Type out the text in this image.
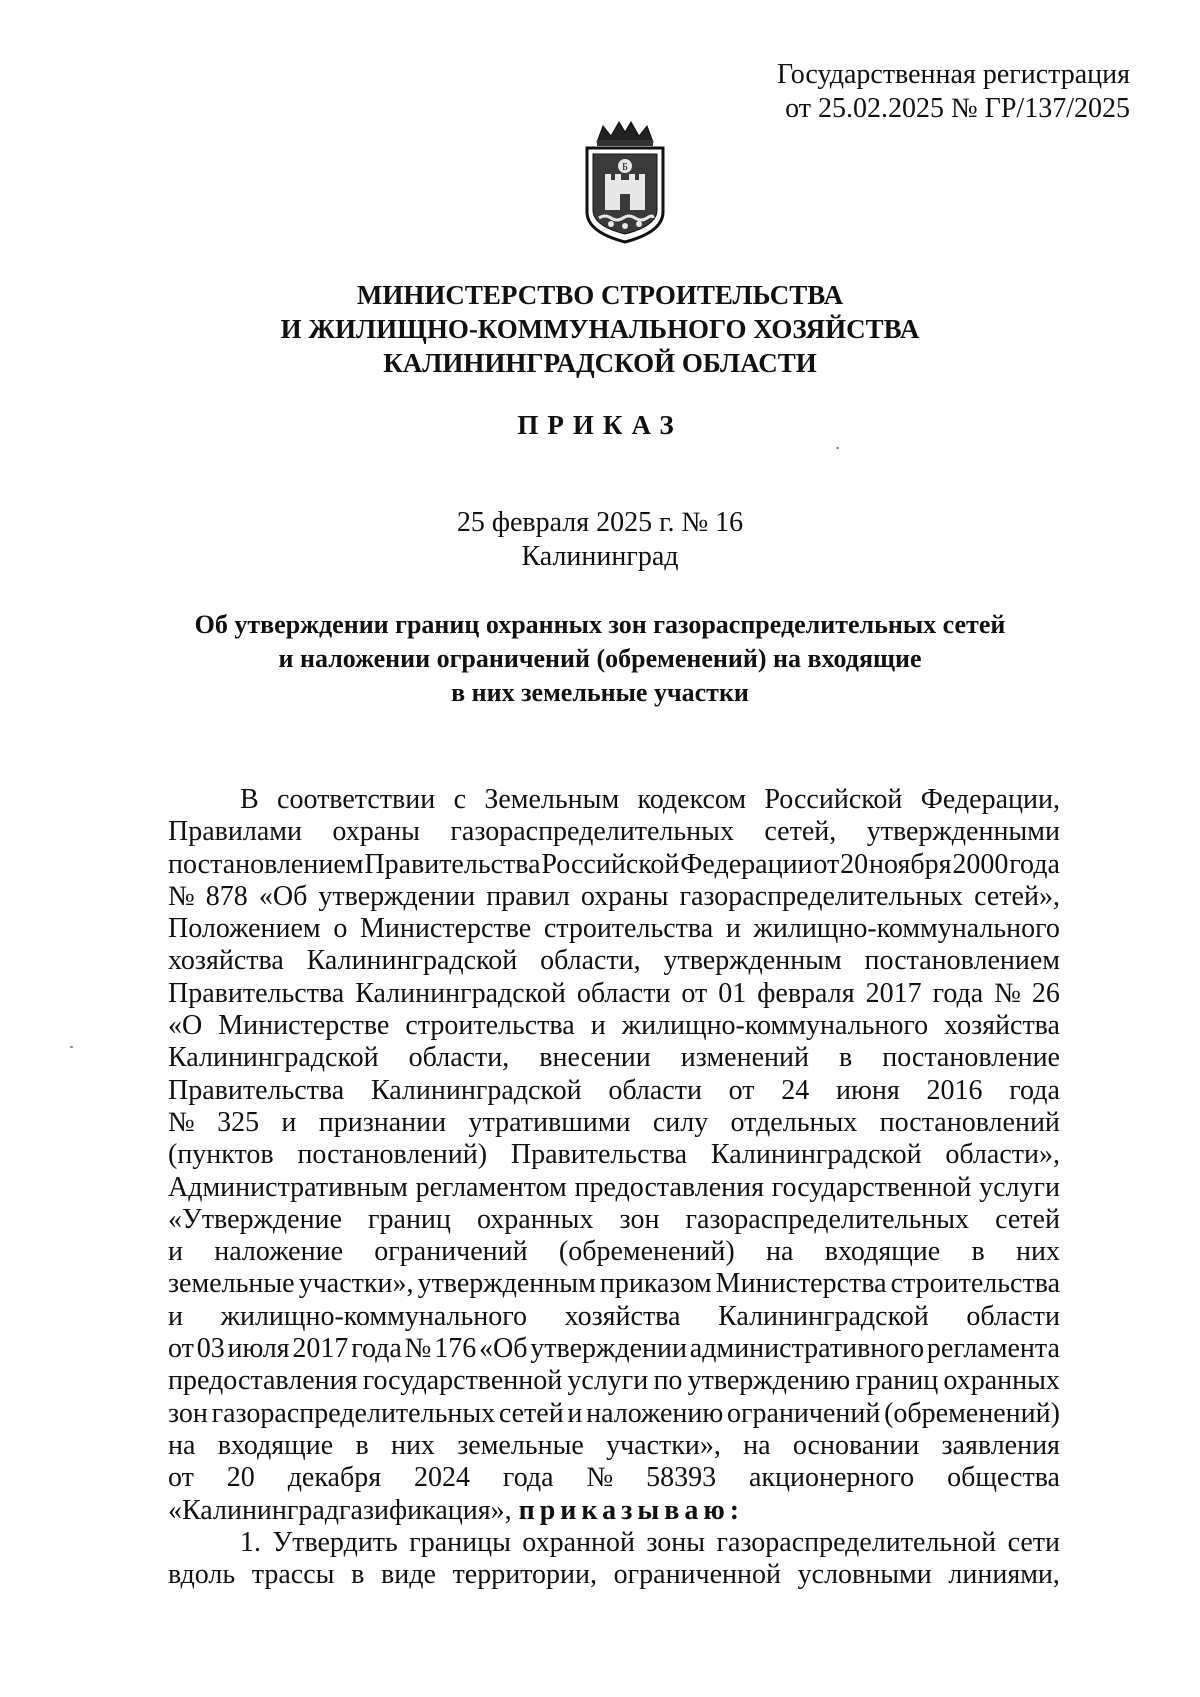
Государственная регистрация
от 25.02.2025 № ГР/137/2025
Б
МИНИСТЕРСТВО СТРОИТЕЛЬСТВА
И ЖИЛИЩНО-КОММУНАЛЬНОГО ХОЗЯЙСТВА
КАЛИНИНГРАДСКОЙ ОБЛАСТИ
ПРИКАЗ
25 февраля 2025 г. № 16
Калининград
Об утверждении границ охранных зон газораспределительных сетей
и наложении ограничений (обременений) на входящие
в них земельные участки
В соответствии с Земельным кодексом Российской Федерации,
Правилами охраны газораспределительных сетей, утвержденными
постановлением Правительства Российской Федерации от 20 ноября 2000 года
№ 878 «Об утверждении правил охраны газораспределительных сетей»,
Положением о Министерстве строительства и жилищно-коммунального
хозяйства Калининградской области, утвержденным постановлением
Правительства Калининградской области от 01 февраля 2017 года № 26
«О Министерстве строительства и жилищно-коммунального хозяйства
Калининградской области, внесении изменений в постановление
Правительства Калининградской области от 24 июня 2016 года
№ 325 и признании утратившими силу отдельных постановлений
(пунктов постановлений) Правительства Калининградской области»,
Административным регламентом предоставления государственной услуги
«Утверждение границ охранных зон газораспределительных сетей
и наложение ограничений (обременений) на входящие в них
земельные участки», утвержденным приказом Министерства строительства
и жилищно-коммунального хозяйства Калининградской области
от 03 июля 2017 года № 176 «Об утверждении административного регламента
предоставления государственной услуги по утверждению границ охранных
зон газораспределительных сетей и наложению ограничений (обременений)
на входящие в них земельные участки», на основании заявления
от 20 декабря 2024 года № 58393 акционерного общества
«Калининградгазификация»,
приказываю:
1. Утвердить границы охранной зоны газораспределительной сети
вдоль трассы в виде территории, ограниченной условными линиями,
